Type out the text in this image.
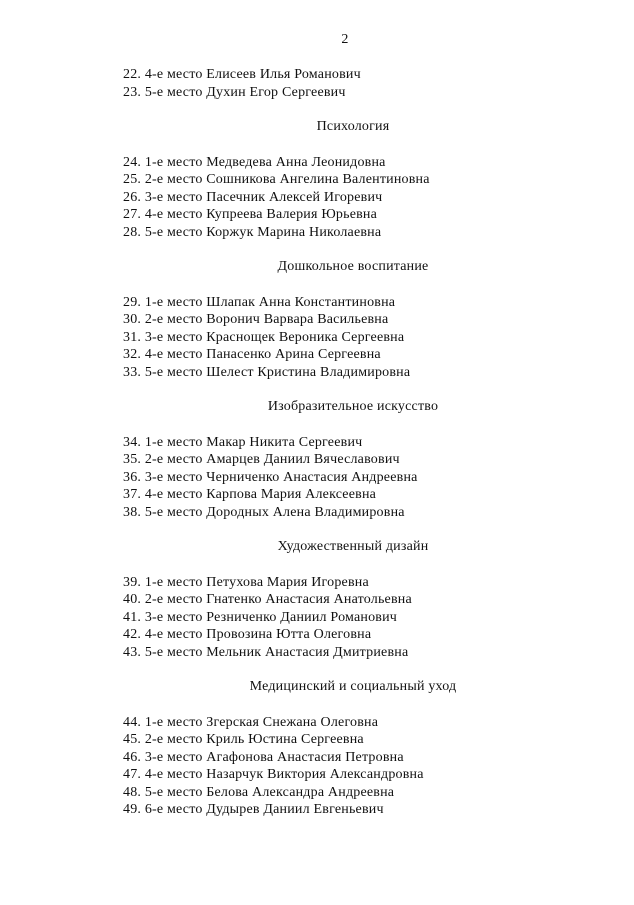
2
22. 4-е место Елисеев Илья Романович
23. 5-е место Духин Егор Сергеевич
Психология
24. 1-е место Медведева Анна Леонидовна
25. 2-е место Сошникова Ангелина Валентиновна
26. 3-е место Пасечник Алексей Игоревич
27. 4-е место Купреева Валерия Юрьевна
28. 5-е место Коржук Марина Николаевна
Дошкольное воспитание
29. 1-е место Шлапак Анна Константиновна
30. 2-е место Воронич Варвара Васильевна
31. 3-е место Краснощек Вероника Сергеевна
32. 4-е место Панасенко Арина Сергеевна
33. 5-е место Шелест Кристина Владимировна
Изобразительное искусство
34. 1-е место Макар Никита Сергеевич
35. 2-е место Амарцев Даниил Вячеславович
36. 3-е место Черниченко Анастасия Андреевна
37. 4-е место Карпова Мария Алексеевна
38. 5-е место Дородных Алена Владимировна
Художественный дизайн
39. 1-е место Петухова Мария Игоревна
40. 2-е место Гнатенко Анастасия Анатольевна
41. 3-е место Резниченко Даниил Романович
42. 4-е место Провозина Ютта Олеговна
43. 5-е место Мельник Анастасия Дмитриевна
Медицинский и социальный уход
44. 1-е место Згерская Снежана Олеговна
45. 2-е место Криль Юстина Сергеевна
46. 3-е место Агафонова Анастасия Петровна
47. 4-е место Назарчук Виктория Александровна
48. 5-е место Белова Александра Андреевна
49. 6-е место Дудырев Даниил Евгеньевич
